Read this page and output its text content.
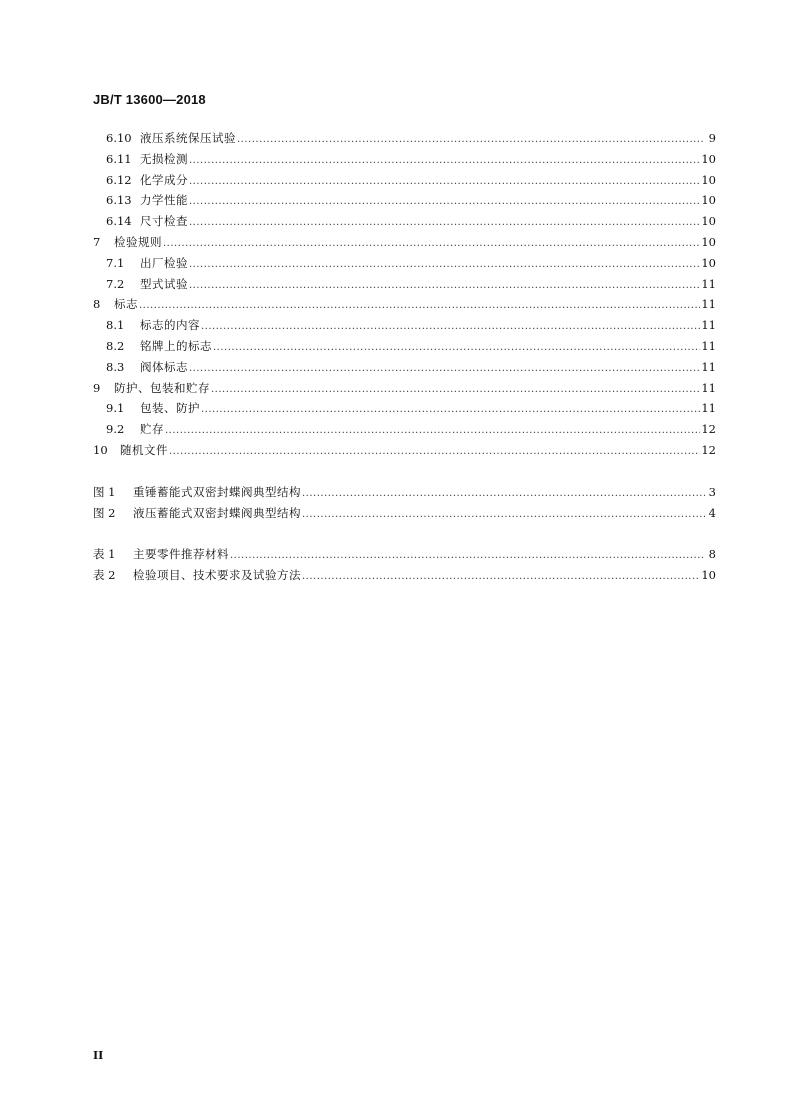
JB/T 13600—2018
6.10 液压系统保压试验 .....	9
6.11 无损检测 .....	10
6.12 化学成分 .....	10
6.13 力学性能 .....	10
6.14 尺寸检查 .....	10
7	检验规则 .....	10
7.1	出厂检验 .....	10
7.2	型式试验 .....	11
8	标志 .....	11
8.1	标志的内容 .....	11
8.2	铭牌上的标志 .....	11
8.3	阀体标志 .....	11
9	防护、包装和贮存 .....	11
9.1	包装、防护 .....	11
9.2	贮存 .....	12
10	随机文件 .....	12
图 1	重锤蓄能式双密封蝶阀典型结构 .....	3
图 2	液压蓄能式双密封蝶阀典型结构 .....	4
表 1	主要零件推荐材料 .....	8
表 2	检验项目、技术要求及试验方法 .....	10
II
